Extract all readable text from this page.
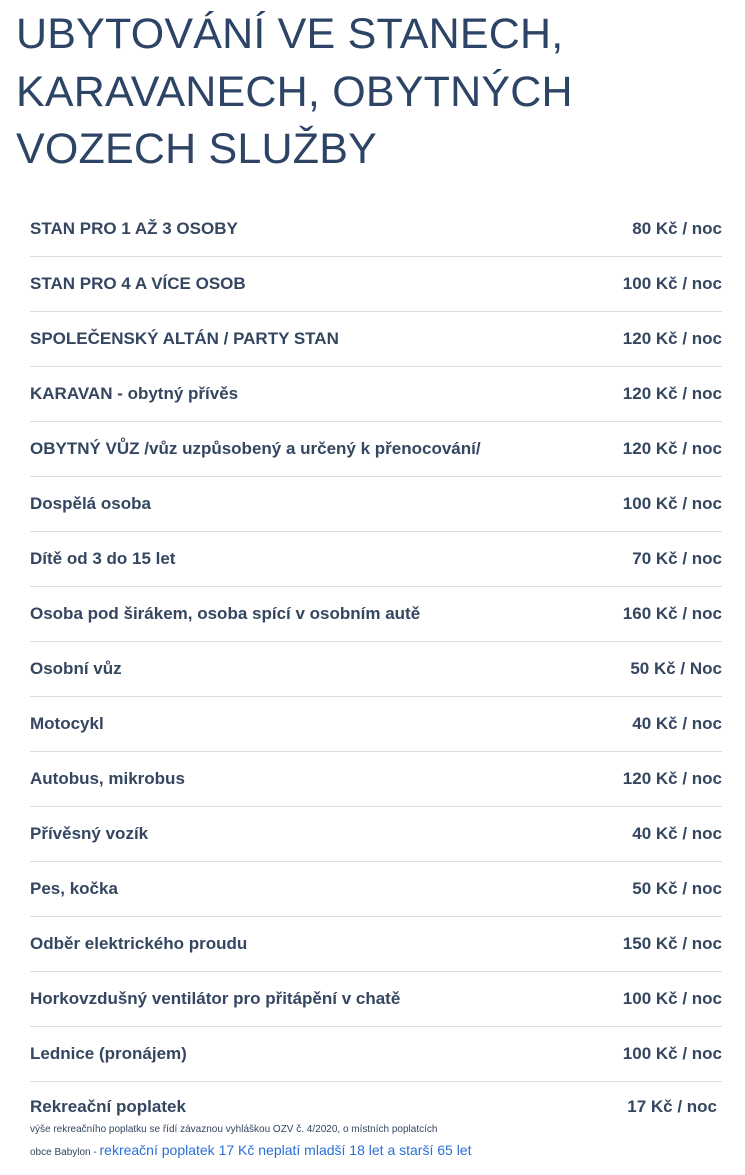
UBYTOVÁNÍ VE STANECH,
KARAVANECH, OBYTNÝCH
VOZECH SLUŽBY
STAN PRO 1 AŽ 3 OSOBY	80 Kč / noc
STAN PRO 4 A VÍCE OSOB	100 Kč / noc
SPOLEČENSKÝ ALTÁN / PARTY STAN	120 Kč / noc
KARAVAN - obytný přívěs	120 Kč / noc
OBYTNÝ VŮZ /vůz uzpůsobený a určený k přenocování/	120 Kč / noc
Dospělá osoba	100 Kč / noc
Dítě od 3 do 15 let	70 Kč / noc
Osoba pod širákem, osoba spící v osobním autě	160 Kč / noc
Osobní vůz	50 Kč / Noc
Motocykl	40 Kč / noc
Autobus, mikrobus	120 Kč / noc
Přívěsný vozík	40 Kč / noc
Pes, kočka	50 Kč / noc
Odběr elektrického proudu	150 Kč / noc
Horkovzdušný ventilátor pro přitápění v chatě	100 Kč / noc
Lednice (pronájem)	100 Kč / noc
Rekreační poplatek	17 Kč / noc
výše rekreačního poplatku se řídí závaznou vyhláškou OZV č. 4/2020, o místních poplatcích
obce Babylon - rekreační poplatek 17 Kč neplatí mladší 18 let a starší 65 let
